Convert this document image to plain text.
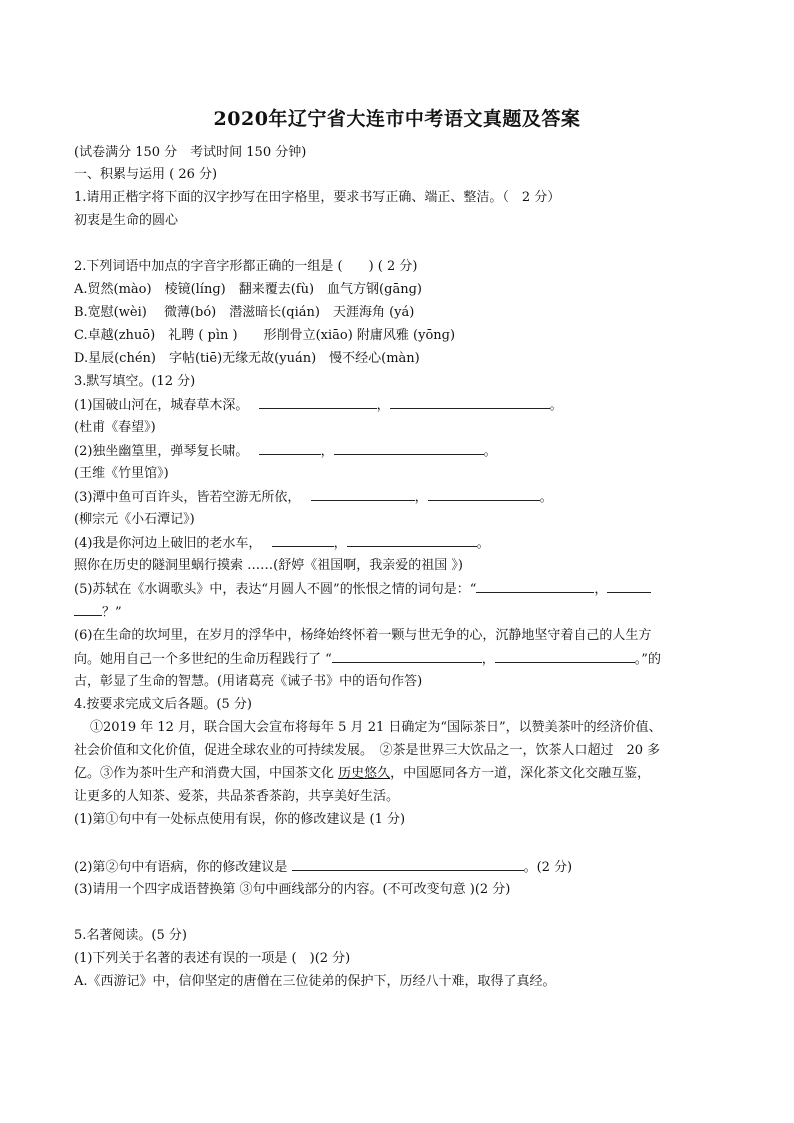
2020年辽宁省大连市中考语文真题及答案
(试卷满分 150 分　考试时间 150 分钟)
一、积累与运用 ( 26 分)
1.请用正楷字将下面的汉字抄写在田字格里，要求书写正确、端正、整洁。（　2 分）
初衷是生命的圆心
2.下列词语中加点的字音字形都正确的一组是 (　　) ( 2 分)
A.贸然(mào)　棱镜(línɡ)　翻来覆去(fù)　血气方钢(gānɡ)
B.宽慰(wèi)　 微薄(bó)　潜滋暗长(qián)　天涯海角 (yá)
C.卓越(zhuō)　礼聘 ( pìn )　　形削骨立(xiāo) 附庸风雅 (yōnɡ)
D.星辰(chén)　字帖(tiē)无缘无故(yuán)　慢不经心(màn)
3.默写填空。(12 分)
(1)国破山河在，城春草木深。	，	。
(杜甫《春望》)
(2)独坐幽篁里，弹琴复长啸。	，	。
(王维《竹里馆》)
(3)潭中鱼可百许头，皆若空游无所依，	，	。
(柳宗元《小石潭记》)
(4)我是你河边上破旧的老水车，	，	。
照你在历史的隧洞里蜗行摸索 ……(舒婷《祖国啊，我亲爱的祖国 》)
(5)苏轼在《水调歌头》中，表达“月圆人不圆”的怅恨之情的词句是：“	，
？”
(6)在生命的坎坷里，在岁月的浮华中，杨绛始终怀着一颗与世无争的心，沉静地坚守着自己的人生方
向。她用自己一个多世纪的生命历程践行了 “	，	。”的
古，彰显了生命的智慧。(用诸葛亮《诫子书》中的语句作答)
4.按要求完成文后各题。(5 分)
①2019 年 12 月，联合国大会宣布将每年 5 月 21 日确定为“国际茶日”，以赞美茶叶的经济价值、
社会价值和文化价值，促进全球农业的可持续发展。　②茶是世界三大饮品之一，饮茶人口超过　20 多
亿。③作为茶叶生产和消费大国，中国茶文化 历史悠久，中国愿同各方一道，深化茶文化交融互鉴，
让更多的人知茶、爱茶，共品茶香茶韵，共享美好生活。
(1)第①句中有一处标点使用有误，你的修改建议是 (1 分)
(2)第②句中有语病，你的修改建议是	。(2 分)
(3)请用一个四字成语替换第 ③句中画线部分的内容。(不可改变句意 )(2 分)
5.名著阅读。(5 分)
(1)下列关于名著的表述有误的一项是 (　)(2 分)
A.《西游记》中，信仰坚定的唐僧在三位徒弟的保护下，历经八十难，取得了真经。
